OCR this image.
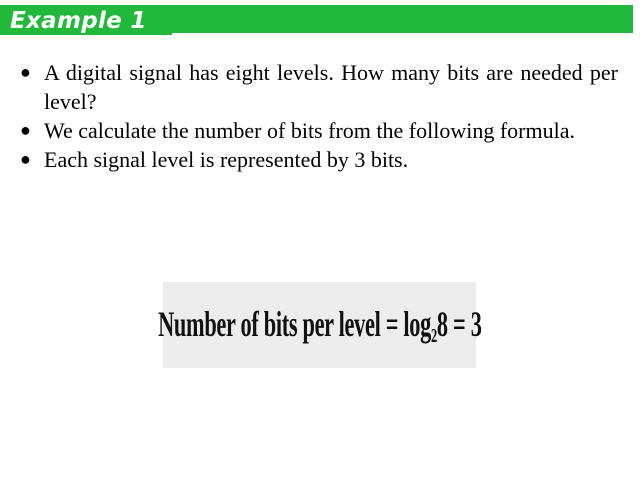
Example 1
● A digital signal has eight levels. How many bits are needed per level?
● We calculate the number of bits from the following formula.
● Each signal level is represented by 3 bits.
Number of bits per level = $\log_28 = 3$
